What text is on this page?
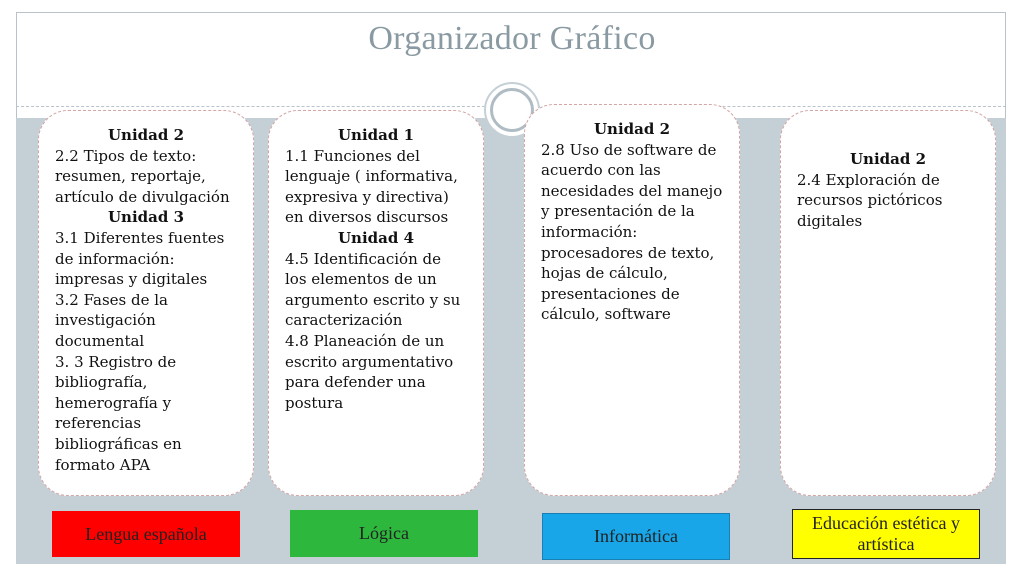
Organizador Gráfico
Unidad 2
2.2 Tipos de texto: resumen, reportaje, artículo de divulgación
Unidad 3
3.1 Diferentes fuentes de información: impresas y digitales
3.2 Fases de la investigación documental
3. 3 Registro de bibliografía, hemerografía y referencias bibliográficas en formato APA
Unidad 1
1.1 Funciones del lenguaje ( informativa, expresiva y directiva) en diversos discursos
Unidad 4
4.5 Identificación de los elementos de un argumento escrito y su caracterización
4.8 Planeación de un escrito argumentativo para defender una postura
Unidad 2
2.8 Uso de software de acuerdo con las necesidades del manejo y presentación de la información: procesadores de texto, hojas de cálculo, presentaciones de cálculo, software
Unidad 2
2.4 Exploración de recursos pictóricos digitales
Lengua española	Lógica	Informática
Educación estética y artística
